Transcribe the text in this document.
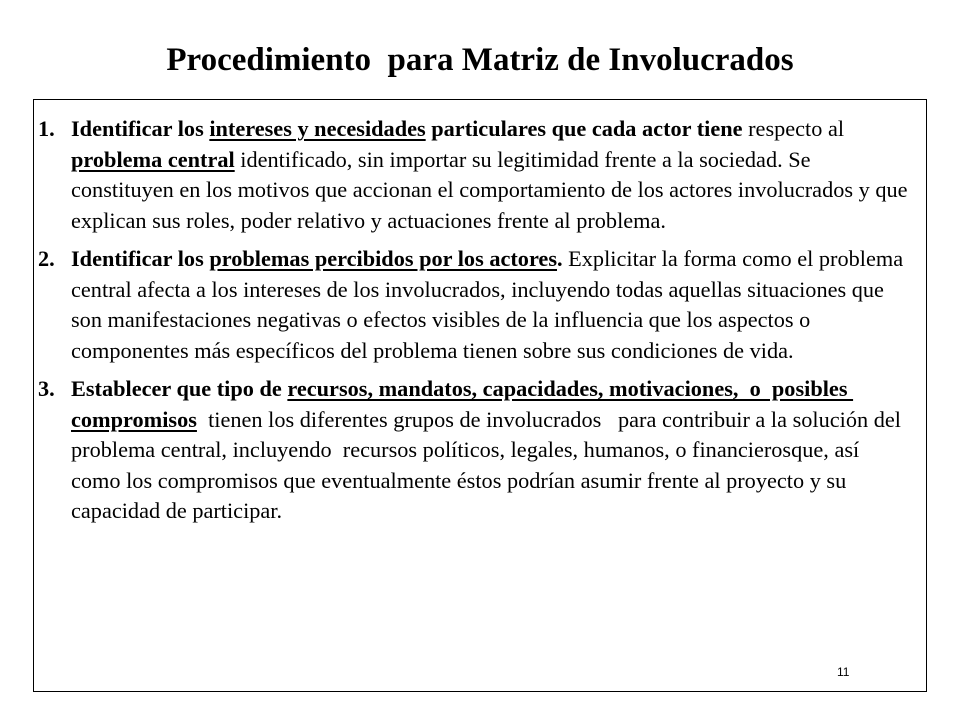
Procedimiento  para Matriz de Involucrados
1. Identificar los intereses y necesidades particulares que cada actor tiene respecto al problema central identificado, sin importar su legitimidad frente a la sociedad. Se constituyen en los motivos que accionan el comportamiento de los actores involucrados y que explican sus roles, poder relativo y actuaciones frente al problema.
2. Identificar los problemas percibidos por los actores. Explicitar la forma como el problema central afecta a los intereses de los involucrados, incluyendo todas aquellas situaciones que son manifestaciones negativas o efectos visibles de la influencia que los aspectos o componentes más específicos del problema tienen sobre sus condiciones de vida.
3. Establecer que tipo de recursos, mandatos, capacidades, motivaciones,  o  posibles compromisos  tienen los diferentes grupos de involucrados   para contribuir a la solución del problema central, incluyendo  recursos políticos, legales, humanos, o financierosque, así como los compromisos que eventualmente éstos podrían asumir frente al proyecto y su capacidad de participar.
11
